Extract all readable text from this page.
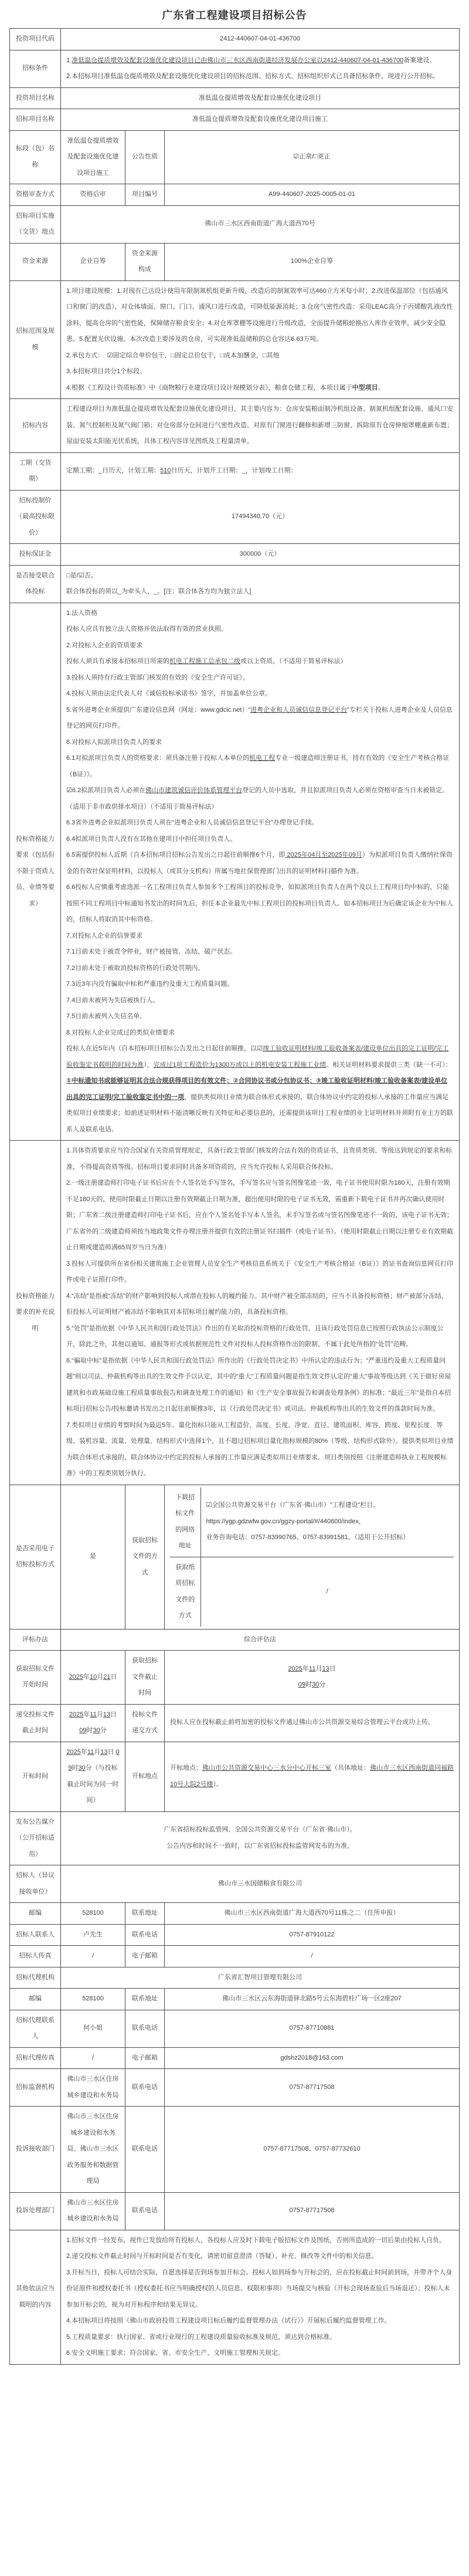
广东省工程建设项目招标公告
投资项目代码	2412-440607-04-01-436700
招标条件	
1.准低温仓提质增效及配套设施优化建设项目已由佛山市三水区西南街道经济发展办公室以2412-440607-04-01-436700备案建设。
2.本招标项目准低温仓提质增效及配套设施优化建设项目的招标范围、招标方式、招标组织形式已具备招标条件，现进行公开招标。

投资项目名称	准低温仓提质增效及配套设施优化建设项目
招标项目名称	准低温仓提质增效及配套设施优化建设项目施工
标段（包）名称	准低温仓提质增效及配套设施优化建设项目施工	公告性质	☑正常/□更正
资格审查方式	资格后审	项目编号	A99-440607-2025-0005-01-01
招标项目实施（交货）地点	佛山市三水区西南街道广海大道西70号
资金来源	企业自筹	资金来源构成	100%企业自筹
招标范围及规模	
1.项目建设规模：1.对现有已达设计使用年限制氮机组更新升级，改造后的制氮效率可达460立方米每小时；2.改进保温部位（包括通风口和窗门的改造），对仓体墙面、窗口、门口、通风口进行改造，可降低能源消耗；3.仓房气密性改造：采用LEAC高分子丙烯酸乳液改性涂料，提高仓房的气密性能，保障储存粮食安全；4.对仓库罩棚等设施进行升级改造，全面提升储粮轮换出入库作业效率，减少安全隐患。5.配置光伏设施。本次改造主要涉及的仓房，可实现准低温储粮的总仓容达6.63万吨。
2.承包方式：　☑固定综合单价包干，□固定总价包干，□成本加酬金，□其他
3.本招标项目共分1个标段。
4.根据《工程设计资质标准》中《商物粮行业建设项目设计规模划分表》，粮食仓储工程，本项目属于中型项目。

招标内容	
工程建设项目为准低温仓提质增效及配套设施优化建设项目，其主要内容为：仓房安装粮面制冷机组设备、制氮机组配套设施、通风口安装、氮气控制柜及氮气阀门箱；对仓房部分仓间进行气密性改造、对原有门窗进行翻修和新增三防窗、拆除原有仓房伸缩罩棚重新布置；屋面安装太阳能光伏系统，具体工程内容详见图纸及工程量清单。

工期（交货期）	定额工期：_日历天，计划工期：510日历天，计划开工日期：_，计划竣工日期：
招标控制价（最高投标限价）	17494340.70（元）
投标保证金	300000（元）
是否接受联合体投标	
□是/☑否。
联合体投标的须以_为牵头人，_。[注：联合体各方均为独立法人]

投标资格能力要求（包括但不限于资质人员、业绩等要求）	
1.法人资格
投标人应具有独立法人资格并依法取得有效的营业执照。
2.对投标人企业的资质要求
投标人须具有承接本招标项目所需的机电工程施工总承包二级或以上资质。（不适用于简易评标法）
3.投标人须持有行政主管部门核发的有效的《安全生产许可证》。
4.投标人须由法定代表人对《诚信投标承诺书》签字，并加盖单位公章。
5.省外进粤企业须提供广东建设信息网（网址：www.gdcic.net）“进粤企业和人员诚信信息登记平台”专栏关于投标人进粤企业及人员信息登记的网页打印件。
6.对投标人拟派项目负责人的要求
6.1对拟派项目负责人的资格要求：须具备注册于投标人本单位的机电工程专业一级建造师注册证书，持有有效的《安全生产考核合格证（B证）》。
☑6.2拟派项目负责人必须在佛山市建筑诚信评价体系管理平台登记的人员中选取，并且拟派项目负责人必须在资格审查当日未被锁定。（适用于非市政供排水项目）（不适用于简易评标法）
6.3省外进粤企业拟派项目负责人须在“进粤企业和人员诚信信息登记平台”办理登记手续。
6.4拟派项目负责人没有在其他在建项目中担任项目负责人。
6.5需提供投标人近期（自本招标项目招标公告发出之日起往前顺推6个月，即 2025年04月至2025年09月）为拟派项目负责人缴纳社保资金的有效社保证明材料，以投标人（或其分支机构）所属当地社保管理部门出具的证明材料扫描件为准。
6.6投标人应慎重考虑选派一名工程项目负责人参加多个工程项目的投标竞争，如拟派项目负责人在两个及以上工程项目均中标的，只能按照不同工程项目中标通知书发出的时间先后，担任本企业最先中标工程项目的投标项目负责人。如本招标项目为后确定该企业为中标人的，招标人将取消其中标资格。
7.对投标人企业的信誉要求
7.1目前未处于被责令停业，财产被接管、冻结，破产状态。
7.2目前未处于被取消投标资格的行政处罚期内。
7.3近3年内没有骗取中标和严重违约及重大工程质量问题。
7.4目前未被列为失信被执行人。
7.5目前未被列入失信名单。
8.对投标人企业完成过的类似业绩要求
投标人在近5年内（自本招标项目招标公告发出之日起往前顺推，以☑竣工验收证明材料/竣工验收备案表/建设单位出具的完工证明/完工验收鉴定书载明的时间为准），完成过1项工程造价为1300万或以上的机电安装工程施工业绩。相关证明材料要求提供三类（缺一不可）：①中标通知书或能够证明其合法合规获得项目的有效文件；②合同协议书或分包协议书；③竣工验收证明材料/竣工验收备案表/建设单位出具的完工证明/完工验收鉴定书中的一项，提供类似项目业绩为联合体形式承接的，联合体协议中约定的投标人承接的工作量应当满足类似项目业绩要求；如前述证明材料不能清晰反映有关特征和必要信息的，还需提供该项目工程业绩的业主证明材料并须附有业主方的联系人及联系电话。

投标资格能力要求的补充说明	
1.具体资质要求应当符合国家有关资质管理规定，具备行政主管部门核发的合法有效的资质证书，且资质类别、等级达到规定的要求和标准，不得提高资质等级。招标项目要求同时具备多项资质的，应当允许投标人采用联合体投标。
2.一级注册建造师打印电子证书后应在个人签名处手写签名，手写签名应与签名图像笔迹一致，电子证书使用时限为180天，注册有效期不足180天的，使用时限截止日期以注册有效期截止日期为准，超出使用时限的电子证书无效，需重新下载电子证书并再次确认使用时限；广东省二级注册建造师打印电子证书后，应在个人签名处手写本人签名，未手写签名或与签名图像笔迹不一致的，该电子证书无效；广东省外的二级建造师须按当地政策文件办理注册并提供有效的注册证书扫描件（或电子证书）。（使用时限截止日期以注册专业有效期截止日期或建造师满65周岁当日为准）
3.投标人可提供所在省份相关建筑施工企业管理人员安全生产考核信息系统关于《安全生产考核合格证（B证）》的证书查询信息网页打印件或电子证照打印件。
4.“冻结”是指被“冻结”的财产影响到投标人或潜在投标人的履约能力。其中财产被全部冻结的，应当不具备投标资格；财产被部分冻结，但投标人可证明财产被冻结不影响其对本招标项目履约能力的，具备投标资格。
5.“处罚”是指依据《中华人民共和国行政处罚法》作出的有关取消投标资格的行政处罚，且该行政处罚信息已按照行政执法公示制度公开，除此之外，其他以通知、通报等形式或依据规范性文件对投标人投标资格作出的限制，不属于此处所指的“处罚”范畴。
6.“骗取中标”是指依据《中华人民共和国行政处罚法》所作出的《行政处罚决定书》中所认定的违法行为；“严重违约及重大工程质量问题”则以司法、仲裁机构等出具的生效文件予以认定，其中的“重大”工程质量问题是指生效文件认定的“重大”事故等级达到《关于做好房屋建筑和市政基础设施工程质量事故报告和调查处理工作的通知》和《生产安全事故报告和调查处理条例》的标准；“最近三年”是指自本招标项目招标公告/投标邀请书发出之日起往前顺推3年，以《行政处罚决定书》或司法、仲裁机构等出具的生效文件的落款时间为准。
7.类似项目业绩的考察时间为最近5年。量化指标只能从工程造价、高度、长度、净宽、直径、建筑面积、库容、跨度、里程长度、等级、装机容量、流量、处理量、结构形式中选择1个，且不超过招标项目量化指标规模的80%（等级、结构形式除外）。提供类似项目业绩为联合体形式承接的，联合体协议中约定的投标人承接的工作量应满足类似项目业绩要求。项目类别按照《注册建造师执业工程规模标准》中的工程类别划分执行。

是否采用电子招标投标方式	是	获取招标文件的方式	
下载招标文件的网络地址	
☑全国公共资源交易平台（广东省·佛山市）“工程建设”栏目。
https://ygp.gdzwfw.gov.cn/ggzy-portal/#/440600/index，
业务咨询电话：0757-83990765、0757-83991581。（适用于公开招标）

获取纸质招标文件的方式	/

评标办法	综合评估法
获取招标文件开始时间	2025年10月21日	获取招标文件截止时间	2025年11月13日
09时30分
递交投标文件截止时间	2025年11月13日
09时30分	投标文件递交方式	投标人应在投标截止前将加密的投标文件通过佛山市公共资源交易综合管理云平台成功上传。
开标时间	2025年11月13日 09时30分（与投标截止时间为同一时间）	开标地点	开标地点：佛山市公共资源交易中心三水分中心开标三室（具体地址：佛山市三水区西南街道同福路10号大院2号楼）。
发布公告媒介（公开招标适用）	
广东省招标投标监管网、全国公共资源交易平台（广东省·佛山市）。
公告内容和时间不一致时，以广东省招标投标监管网发布的为准。

招标人（异议接收单位）	佛山市三水国储粮食有限公司
邮编	528100	联系地址	佛山市三水区西南街道广海大道西70号11栋之二（住所申报）
招标人联系人	卢先生	联系电话	0757-87910122
招标人传真	/	电子邮箱	/
招标代理机构	广东省汇智项目管理有限公司
邮编	528100	联系地址	佛山市三水区云东海街道驿北路5号云东海碧桂广场一区2座207
招标代理联系人	何小姐	联系电话	0757-87710881
招标代理传真	/	电子邮箱	gdshz2018@163.com
招标监督机构	佛山市三水区住房城乡建设和水务局	联系电话	0757-87717508
投诉接收部门	佛山市三水区住房城乡建设和水务局、佛山市三水区政务服务和数据管理局	联系电话	0757-87717508、0757-87732610
投诉处理部门	佛山市三水区住房城乡建设和水务局	联系电话	0757-87717508
其他依法应当载明的内容	
1.招标文件一经发布，视作已发放给所有投标人，各投标人应及时下载电子版招标文件及图纸，否则所造成的一切后果由投标人自负。
2.递交投标文件截止时间与开标时间是否有变化，请密切留意澄清（答疑）、补充、修改等文件中的相关信息。
3.开标当日，投标人可结合实际，自愿选择是否到场参加开标会。投标人如到场参与开标会的，应在投标截止时间前到场，并带齐个人身份证原件和授权委托书（授权委托书应当明确授权的人员信息、权限和事项）当场提交与核验（开标会现场查验后当场退还）；投标人未参加开标会的，视为对开标程序和结果无异议。
4.本招标项目将按照《佛山市政府投资工程建设项目标后履约监督管理办法（试行）》开展标后履约监督管理工作。
5.工程质量要求：执行国家、省或行业现行的工程建设质量验收标准及规范，须达到合格标准。
6.安全文明施工要求：符合国家、省、市安全生产、文明施工管理相关规定。
